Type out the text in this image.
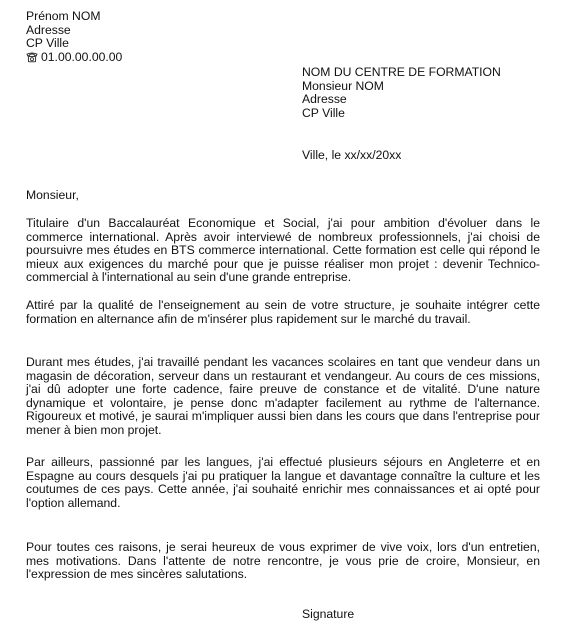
Prénom NOM
Adresse
CP Ville
01.00.00.00.00
NOM DU CENTRE DE FORMATION
Monsieur NOM
Adresse
CP Ville
Ville, le xx/xx/20xx
Monsieur,
Titulaire d'un Baccalauréat Economique et Social, j'ai pour ambition d'évoluer dans le commerce international. Après avoir interviewé de nombreux professionnels, j'ai choisi de poursuivre mes études en BTS commerce international. Cette formation est celle qui répond le mieux aux exigences du marché pour que je puisse réaliser mon projet : devenir Technico-commercial à l'international au sein d'une grande entreprise.
Attiré par la qualité de l'enseignement au sein de votre structure, je souhaite intégrer cette formation en alternance afin de m'insérer plus rapidement sur le marché du travail.
Durant mes études, j'ai travaillé pendant les vacances scolaires en tant que vendeur dans un magasin de décoration, serveur dans un restaurant et vendangeur. Au cours de ces missions, j'ai dû adopter une forte cadence, faire preuve de constance et de vitalité. D'une nature dynamique et volontaire, je pense donc m'adapter facilement au rythme de l'alternance. Rigoureux et motivé, je saurai m'impliquer aussi bien dans les cours que dans l'entreprise pour mener à bien mon projet.
Par ailleurs, passionné par les langues, j'ai effectué plusieurs séjours en Angleterre et en Espagne au cours desquels j'ai pu pratiquer la langue et davantage connaître la culture et les coutumes de ces pays. Cette année, j'ai souhaité enrichir mes connaissances et ai opté pour l'option allemand.
Pour toutes ces raisons, je serai heureux de vous exprimer de vive voix, lors d'un entretien, mes motivations. Dans l'attente de notre rencontre, je vous prie de croire, Monsieur, en l'expression de mes sincères salutations.
Signature
